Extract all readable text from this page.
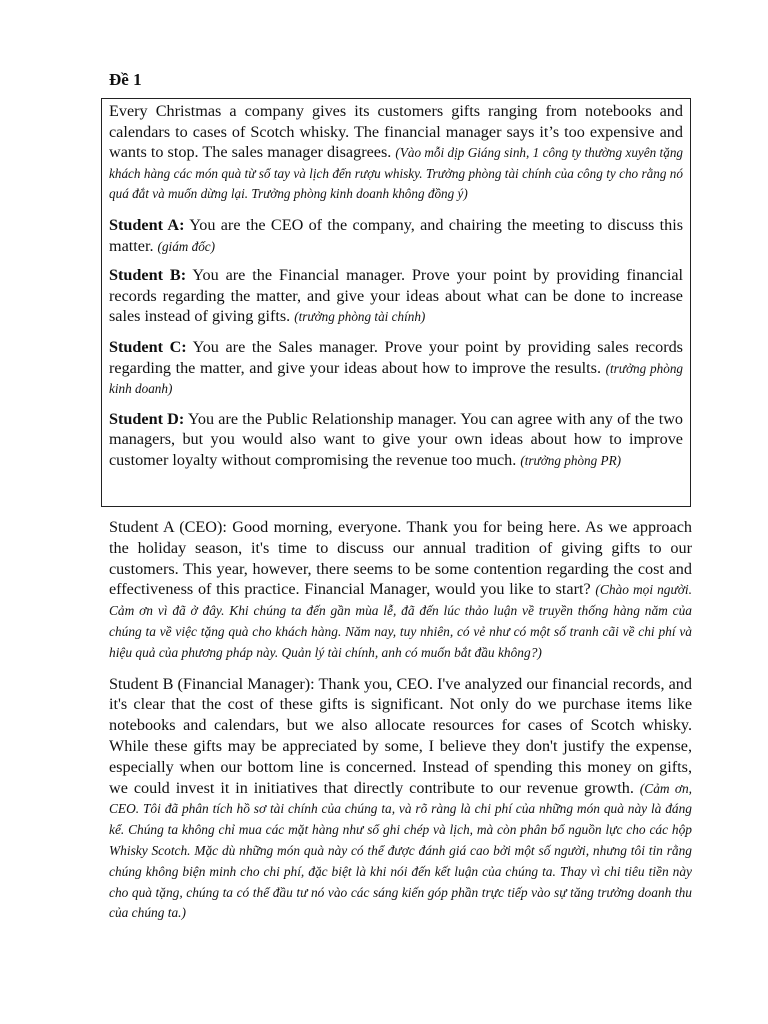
Đề 1

Every Christmas a company gives its customers gifts ranging from notebooks and calendars to cases of Scotch whisky. The financial manager says it’s too expensive and wants to stop. The sales manager disagrees. (Vào mỗi dịp Giáng sinh, 1 công ty thường xuyên tặng khách hàng các món quà từ sổ tay và lịch đến rượu whisky. Trưởng phòng tài chính của công ty cho rằng nó quá đắt và muốn dừng lại. Trưởng phòng kinh doanh không đồng ý)

Student A: You are the CEO of the company, and chairing the meeting to discuss this matter. (giám đốc)

Student B: You are the Financial manager. Prove your point by providing financial records regarding the matter, and give your ideas about what can be done to increase sales instead of giving gifts. (trưởng phòng tài chính)

Student C: You are the Sales manager. Prove your point by providing sales records regarding the matter, and give your ideas about how to improve the results. (trưởng phòng kinh doanh)

Student D: You are the Public Relationship manager. You can agree with any of the two managers, but you would also want to give your own ideas about how to improve customer loyalty without compromising the revenue too much. (trưởng phòng PR)

Student A (CEO): Good morning, everyone. Thank you for being here. As we approach the holiday season, it's time to discuss our annual tradition of giving gifts to our customers. This year, however, there seems to be some contention regarding the cost and effectiveness of this practice. Financial Manager, would you like to start? (Chào mọi người. Cảm ơn vì đã ở đây. Khi chúng ta đến gần mùa lễ, đã đến lúc thảo luận về truyền thống hàng năm của chúng ta về việc tặng quà cho khách hàng. Năm nay, tuy nhiên, có vẻ như có một số tranh cãi về chi phí và hiệu quả của phương pháp này. Quản lý tài chính, anh có muốn bắt đầu không?)

Student B (Financial Manager): Thank you, CEO. I've analyzed our financial records, and it's clear that the cost of these gifts is significant. Not only do we purchase items like notebooks and calendars, but we also allocate resources for cases of Scotch whisky. While these gifts may be appreciated by some, I believe they don't justify the expense, especially when our bottom line is concerned. Instead of spending this money on gifts, we could invest it in initiatives that directly contribute to our revenue growth. (Cảm ơn, CEO. Tôi đã phân tích hồ sơ tài chính của chúng ta, và rõ ràng là chi phí của những món quà này là đáng kể. Chúng ta không chỉ mua các mặt hàng như sổ ghi chép và lịch, mà còn phân bổ nguồn lực cho các hộp Whisky Scotch. Mặc dù những món quà này có thể được đánh giá cao bởi một số người, nhưng tôi tin rằng chúng không biện minh cho chi phí, đặc biệt là khi nói đến kết luận của chúng ta. Thay vì chi tiêu tiền này cho quà tặng, chúng ta có thể đầu tư nó vào các sáng kiến góp phần trực tiếp vào sự tăng trưởng doanh thu của chúng ta.)
